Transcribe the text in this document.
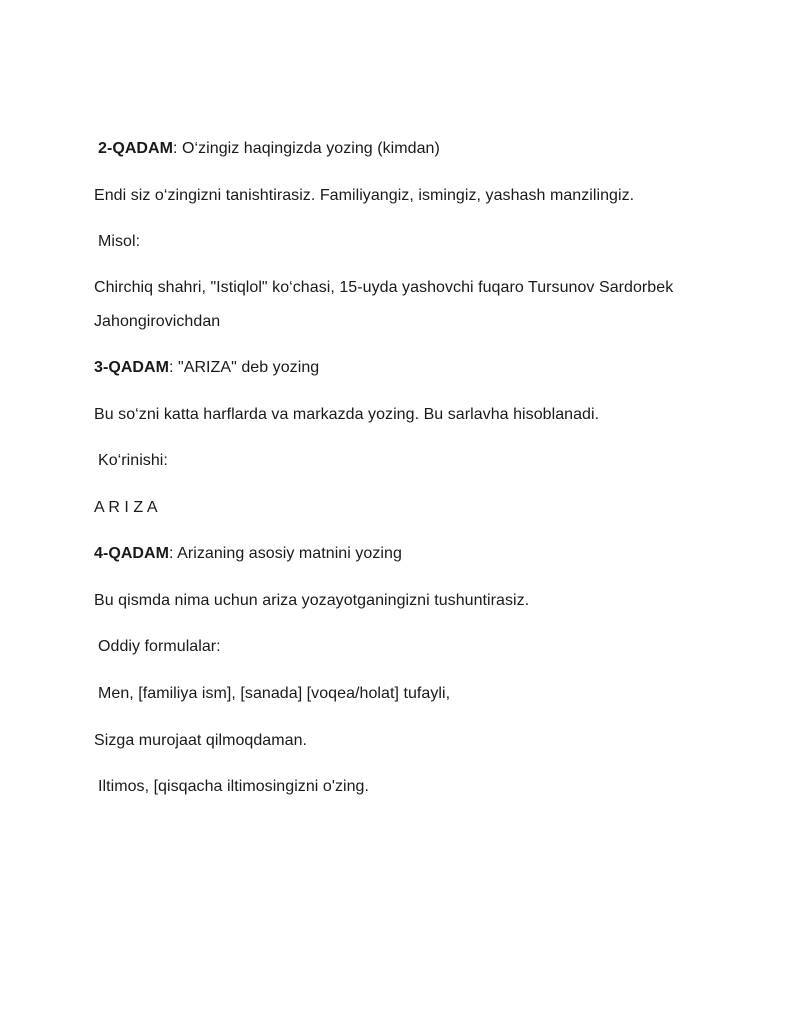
2-QADAM: O‘zingiz haqingizda yozing (kimdan)
Endi siz o‘zingizni tanishtirasiz. Familiyangiz, ismingiz, yashash manzilingiz.
Misol:
Chirchiq shahri, "Istiqlol" ko‘chasi, 15-uyda yashovchi fuqaro Tursunov Sardorbek
Jahongirovichdan
3-QADAM: "ARIZA" deb yozing
Bu so‘zni katta harflarda va markazda yozing. Bu sarlavha hisoblanadi.
Ko‘rinishi:
A R I Z A
4-QADAM: Arizaning asosiy matnini yozing
Bu qismda nima uchun ariza yozayotganingizni tushuntirasiz.
Oddiy formulalar:
Men, [familiya ism], [sanada] [voqea/holat] tufayli,
Sizga murojaat qilmoqdaman.
Iltimos, [qisqacha iltimosingizni o'zing.
